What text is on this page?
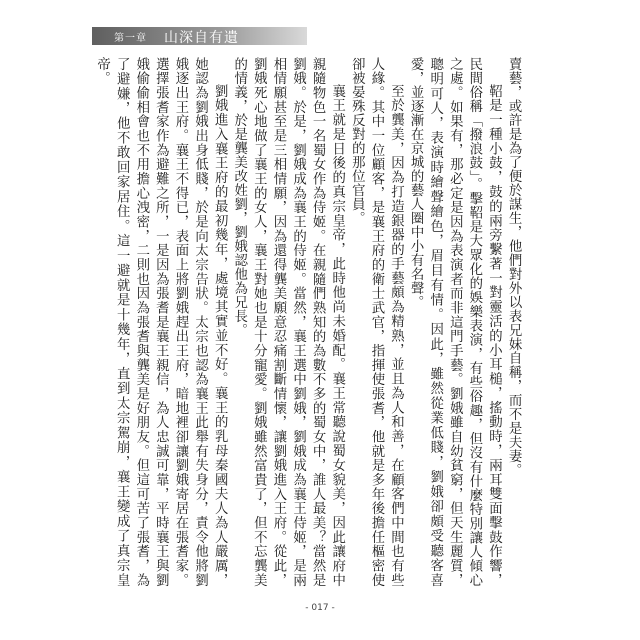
第一章 山深自有遺

賣藝，或許是為了便於謀生，他們對外以表兄妹自稱，而不是夫妻。

鞀是一種小鼓，鼓的兩旁繫著一對靈活的小耳槌，搖動時，兩耳雙面擊鼓作響，民間俗稱「撥浪鼓」。擊鞀是大眾化的娛樂表演，有些俗趣，但沒有什麼特別讓人傾心之處。如果有，那必定是因為表演者而非這門手藝。劉娥雖自幼貧窮，但天生麗質，聰明可人，表演時繪聲繪色，眉目有情。因此，雖然從業低賤，劉娥卻頗受聽客喜愛，並逐漸在京城的藝人圈中小有名聲。

至於龔美，因為打造銀器的手藝頗為精熟，並且為人和善，在顧客們中間也有些人緣。其中一位顧客，是襄王府的衛士武官，指揮使張耆，他就是多年後擔任樞密使卻被晏殊反對的那位官員。

襄王就是日後的真宗皇帝，此時他尚未婚配。襄王常聽說蜀女貌美，因此讓府中親隨物色一名蜀女作為侍姬。在親隨們熟知的為數不多的蜀女中，誰人最美？當然是劉娥。於是，劉娥成為襄王的侍姬。當然，襄王選中劉娥，劉娥成為襄王侍姬，是兩相情願甚至是三相情願，因為還得龔美願意忍痛割斷情懷，讓劉娥進入王府。從此，劉娥死心地做了襄王的女人，襄王對她也是十分寵愛。劉娥雖然富貴了，但不忘龔美的情義，於是龔美改姓劉，劉娥認他為兄長。

劉娥進入襄王府的最初幾年，處境其實並不好。襄王的乳母秦國夫人為人嚴厲，她認為劉娥出身低賤，於是向太宗告狀。太宗也認為襄王此舉有失身分，責令他將劉娥逐出王府。襄王不得已，表面上將劉娥趕出王府，暗地裡卻讓劉娥寄居在張耆家。選擇張耆家作為避難之所，一是因為張耆是襄王親信，為人忠誠可靠，平時襄王與劉娥偷偷相會也不用擔心洩密，二則也因為張耆與龔美是好朋友。但這可苦了張耆，為了避嫌，他不敢回家居住。這一避就是十幾年，直到太宗駕崩，襄王變成了真宗皇帝。

- 017 -
